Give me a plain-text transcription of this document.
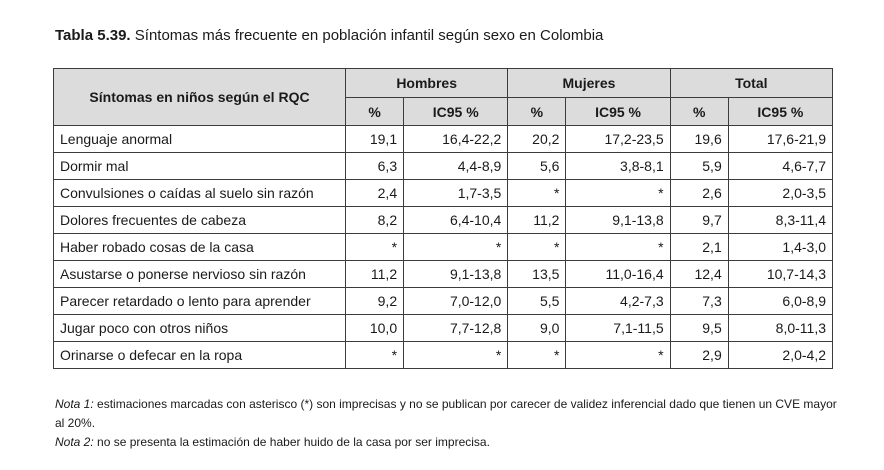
Tabla 5.39. Síntomas más frecuente en población infantil según sexo en Colombia
Síntomas en niños según el RQC	Hombres		Mujeres		Total	
	%	IC95 %	%	IC95 %	%	IC95 %
Lenguaje anormal	19,1	16,4-22,2	20,2	17,2-23,5	19,6	17,6-21,9
Dormir mal	6,3	4,4-8,9	5,6	3,8-8,1	5,9	4,6-7,7
Convulsiones o caídas al suelo sin razón	2,4	1,7-3,5	*	*	2,6	2,0-3,5
Dolores frecuentes de cabeza	8,2	6,4-10,4	11,2	9,1-13,8	9,7	8,3-11,4
Haber robado cosas de la casa	*	*	*	*	2,1	1,4-3,0
Asustarse o ponerse nervioso sin razón	11,2	9,1-13,8	13,5	11,0-16,4	12,4	10,7-14,3
Parecer retardado o lento para aprender	9,2	7,0-12,0	5,5	4,2-7,3	7,3	6,0-8,9
Jugar poco con otros niños	10,0	7,7-12,8	9,0	7,1-11,5	9,5	8,0-11,3
Orinarse o defecar en la ropa	*	*	*	*	2,9	2,0-4,2

Nota 1: estimaciones marcadas con asterisco (*) son imprecisas y no se publican por carecer de validez inferencial dado que tienen un CVE mayor al 20%.

Nota 2: no se presenta la estimación de haber huido de la casa por ser imprecisa.
